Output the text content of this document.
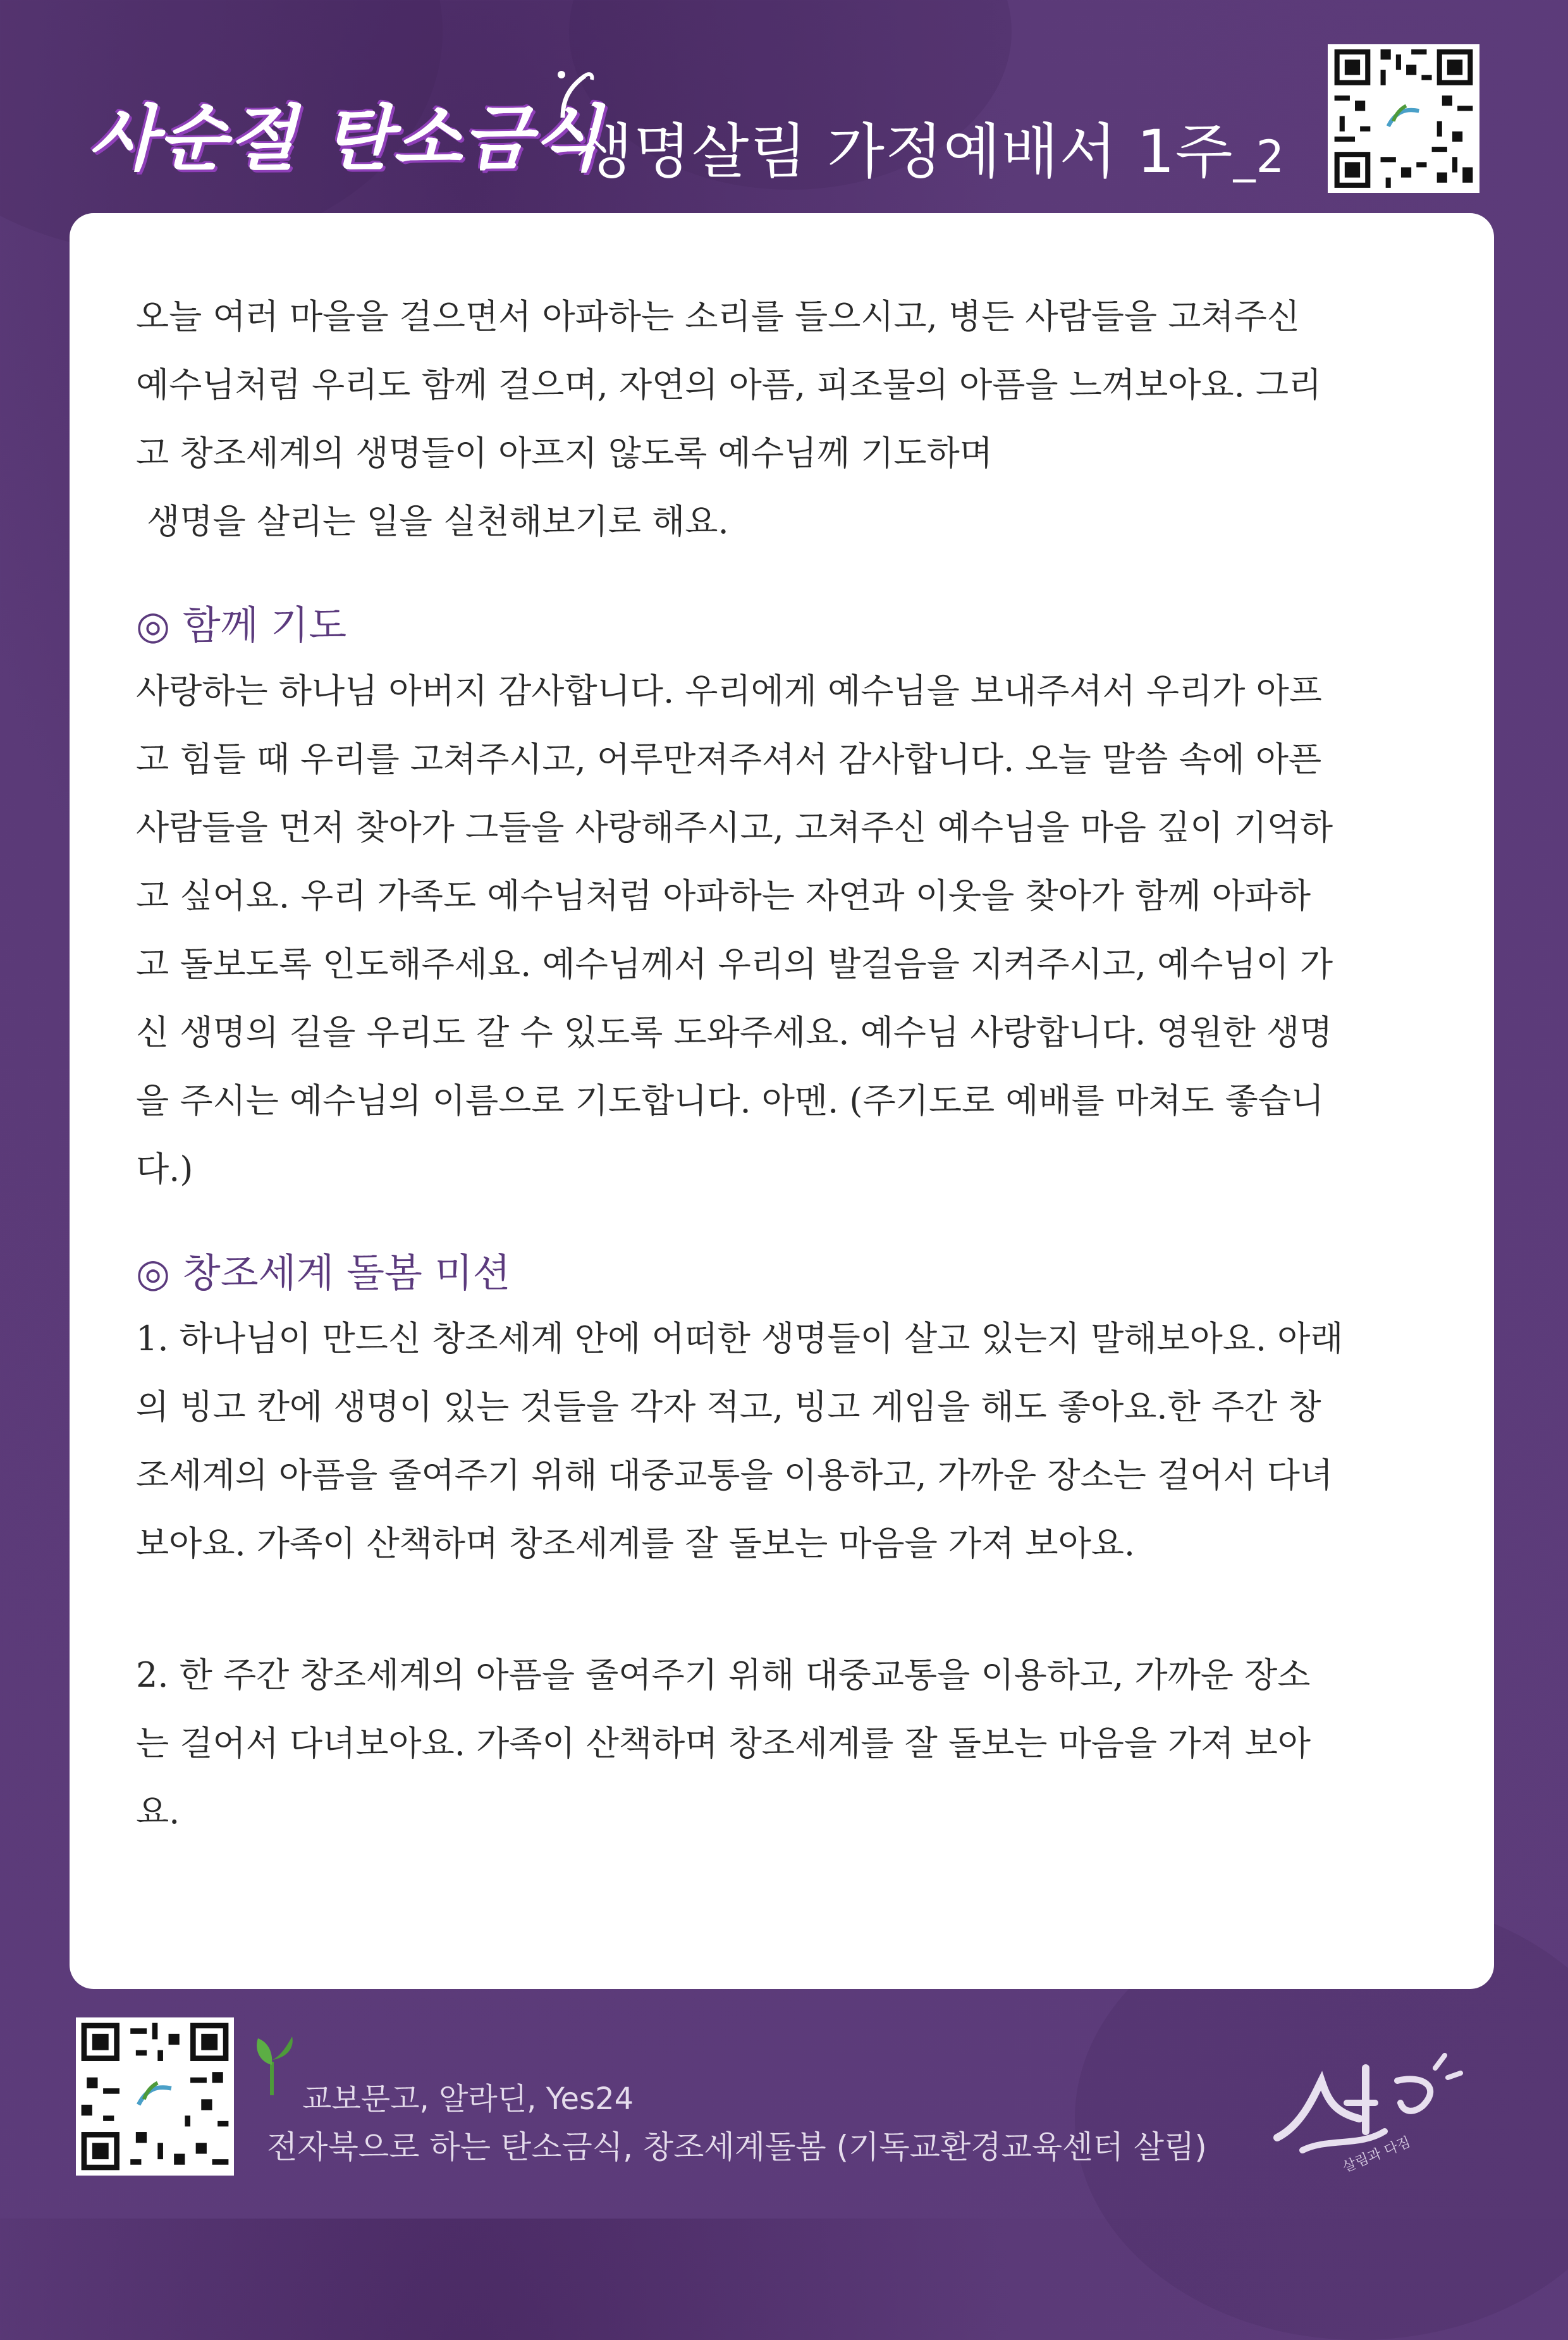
사순절 탄소금식
생명살림 가정예배서 1주_2
오늘 여러 마을을 걸으면서 아파하는 소리를 들으시고, 병든 사람들을 고쳐주신
예수님처럼 우리도 함께 걸으며, 자연의 아픔, 피조물의 아픔을 느껴보아요. 그리
고 창조세계의 생명들이 아프지 않도록 예수님께 기도하며
생명을 살리는 일을 실천해보기로 해요.
◎ 함께 기도
사랑하는 하나님 아버지 감사합니다. 우리에게 예수님을 보내주셔서 우리가 아프
고 힘들 때 우리를 고쳐주시고, 어루만져주셔서 감사합니다. 오늘 말씀 속에 아픈
사람들을 먼저 찾아가 그들을 사랑해주시고, 고쳐주신 예수님을 마음 깊이 기억하
고 싶어요. 우리 가족도 예수님처럼 아파하는 자연과 이웃을 찾아가 함께 아파하
고 돌보도록 인도해주세요. 예수님께서 우리의 발걸음을 지켜주시고, 예수님이 가
신 생명의 길을 우리도 갈 수 있도록 도와주세요. 예수님 사랑합니다. 영원한 생명
을 주시는 예수님의 이름으로 기도합니다. 아멘. (주기도로 예배를 마쳐도 좋습니
다.)
◎ 창조세계 돌봄 미션
1. 하나님이 만드신 창조세계 안에 어떠한 생명들이 살고 있는지 말해보아요. 아래
의 빙고 칸에 생명이 있는 것들을 각자 적고, 빙고 게임을 해도 좋아요.한 주간 창
조세계의 아픔을 줄여주기 위해 대중교통을 이용하고, 가까운 장소는 걸어서 다녀
보아요. 가족이 산책하며 창조세계를 잘 돌보는 마음을 가져 보아요.
2. 한 주간 창조세계의 아픔을 줄여주기 위해 대중교통을 이용하고, 가까운 장소
는 걸어서 다녀보아요. 가족이 산책하며 창조세계를 잘 돌보는 마음을 가져 보아
요.
교보문고, 알라딘, Yes24
전자북으로 하는 탄소금식, 창조세계돌봄 (기독교환경교육센터 살림)	살림과 다짐
